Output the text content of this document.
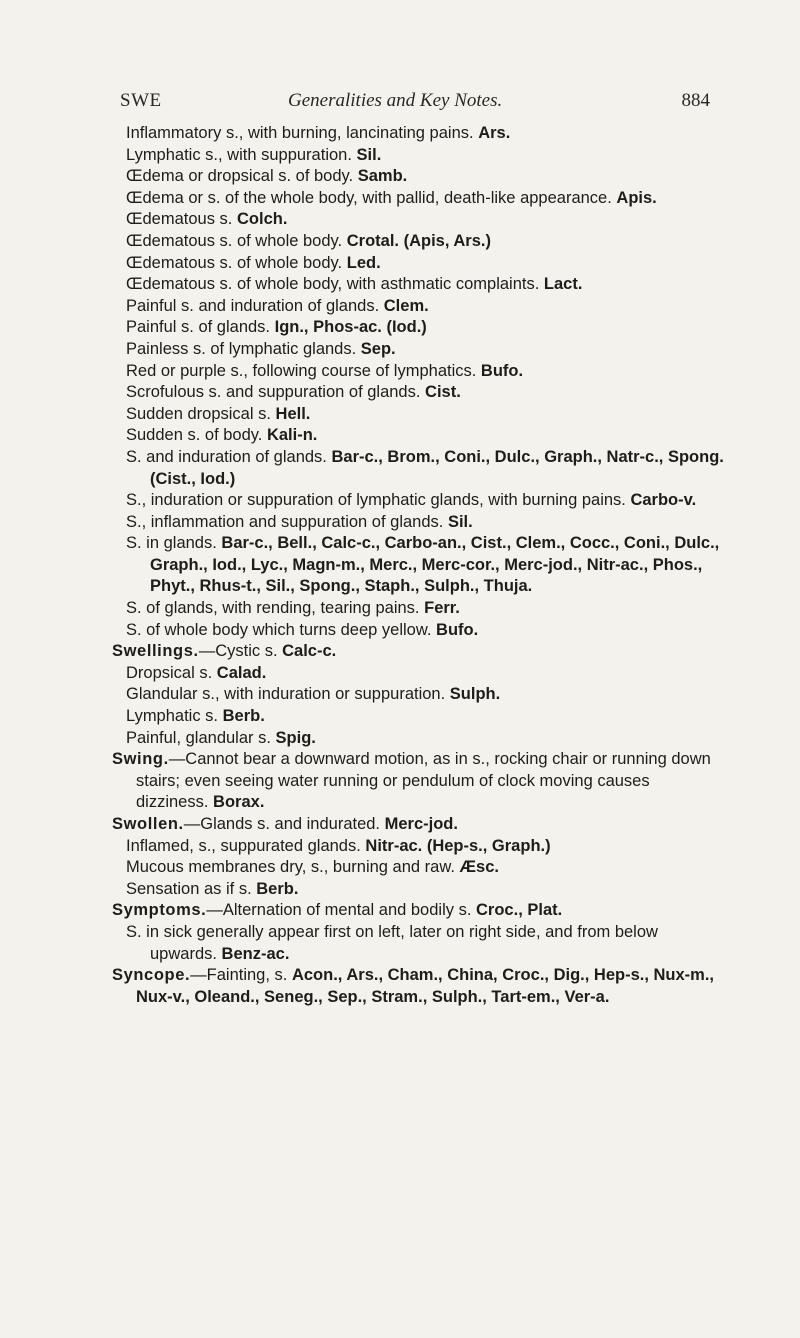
SWE	Generalities and Key Notes.	884

Inflammatory s., with burning, lancinating pains. Ars.

Lymphatic s., with suppuration. Sil.

Œdema or dropsical s. of body. Samb.

Œdema or s. of the whole body, with pallid, death-like appearance. Apis.

Œdematous s. Colch.

Œdematous s. of whole body. Crotal. (Apis, Ars.)

Œdematous s. of whole body. Led.

Œdematous s. of whole body, with asthmatic complaints. Lact.

Painful s. and induration of glands. Clem.

Painful s. of glands. Ign., Phos-ac. (Iod.)

Painless s. of lymphatic glands. Sep.

Red or purple s., following course of lymphatics. Bufo.

Scrofulous s. and suppuration of glands. Cist.

Sudden dropsical s. Hell.

Sudden s. of body. Kali-n.

S. and induration of glands. Bar-c., Brom., Coni., Dulc., Graph., Natr-c., Spong. (Cist., Iod.)

S., induration or suppuration of lymphatic glands, with burning pains. Carbo-v.

S., inflammation and suppuration of glands. Sil.

S. in glands. Bar-c., Bell., Calc-c., Carbo-an., Cist., Clem., Cocc., Coni., Dulc., Graph., Iod., Lyc., Magn-m., Merc., Merc-cor., Merc-jod., Nitr-ac., Phos., Phyt., Rhus-t., Sil., Spong., Staph., Sulph., Thuja.

S. of glands, with rending, tearing pains. Ferr.

S. of whole body which turns deep yellow. Bufo.

Swellings.—Cystic s. Calc-c.

Dropsical s. Calad.

Glandular s., with induration or suppuration. Sulph.

Lymphatic s. Berb.

Painful, glandular s. Spig.

Swing.—Cannot bear a downward motion, as in s., rocking chair or running down stairs; even seeing water running or pendulum of clock moving causes dizziness. Borax.

Swollen.—Glands s. and indurated. Merc-jod.

Inflamed, s., suppurated glands. Nitr-ac. (Hep-s., Graph.)

Mucous membranes dry, s., burning and raw. Æsc.

Sensation as if s. Berb.

Symptoms.—Alternation of mental and bodily s. Croc., Plat.

S. in sick generally appear first on left, later on right side, and from below upwards. Benz-ac.

Syncope.—Fainting, s. Acon., Ars., Cham., China, Croc., Dig., Hep-s., Nux-m., Nux-v., Oleand., Seneg., Sep., Stram., Sulph., Tart-em., Ver-a.
